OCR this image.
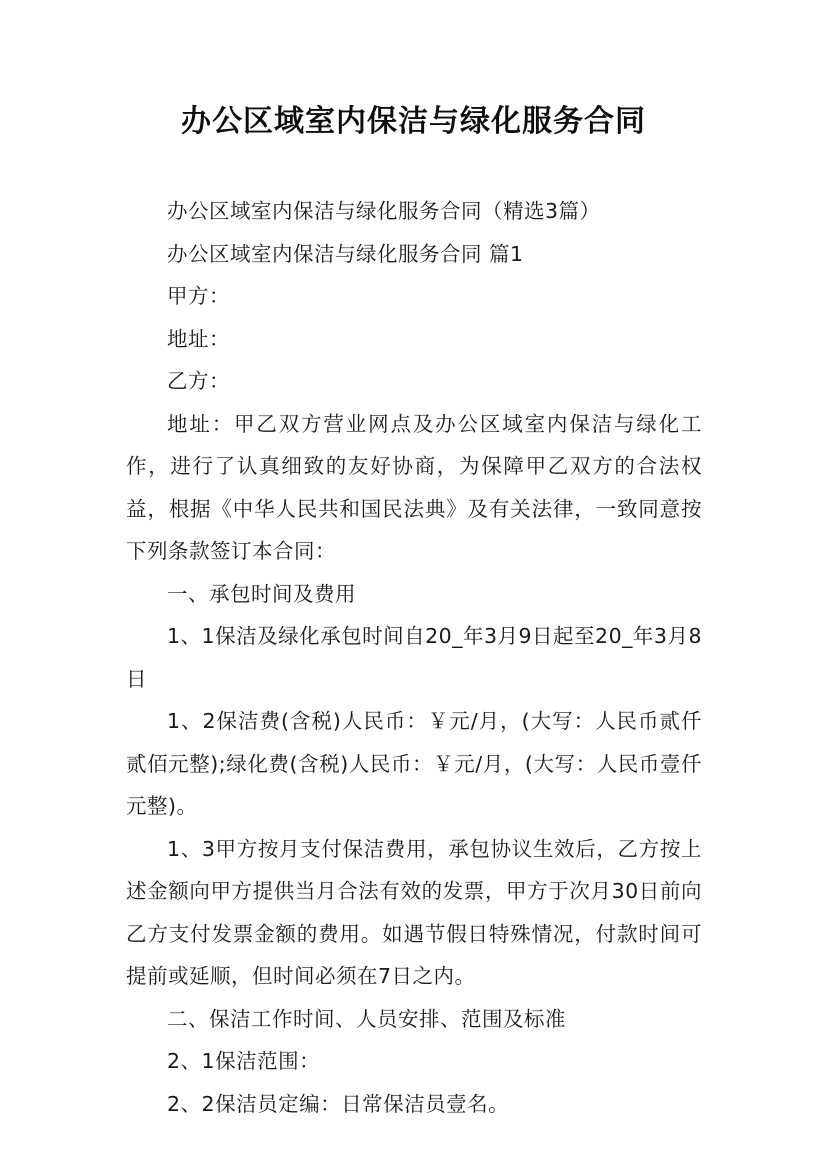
办公区域室内保洁与绿化服务合同

办公区域室内保洁与绿化服务合同（精选3篇）

办公区域室内保洁与绿化服务合同 篇1

甲方：

地址：

乙方：

地址：甲乙双方营业网点及办公区域室内保洁与绿化工作，进行了认真细致的友好协商，为保障甲乙双方的合法权益，根据《中华人民共和国民法典》及有关法律，一致同意按下列条款签订本合同：

一、承包时间及费用

1、1保洁及绿化承包时间自20_年3月9日起至20_年3月8日

1、2保洁费(含税)人民币：￥元/月，(大写：人民币贰仟贰佰元整);绿化费(含税)人民币：￥元/月，(大写：人民币壹仟元整)。

1、3甲方按月支付保洁费用，承包协议生效后，乙方按上述金额向甲方提供当月合法有效的发票，甲方于次月30日前向乙方支付发票金额的费用。如遇节假日特殊情况，付款时间可提前或延顺，但时间必须在7日之内。

二、保洁工作时间、人员安排、范围及标准

2、1保洁范围：

2、2保洁员定编：日常保洁员壹名。
